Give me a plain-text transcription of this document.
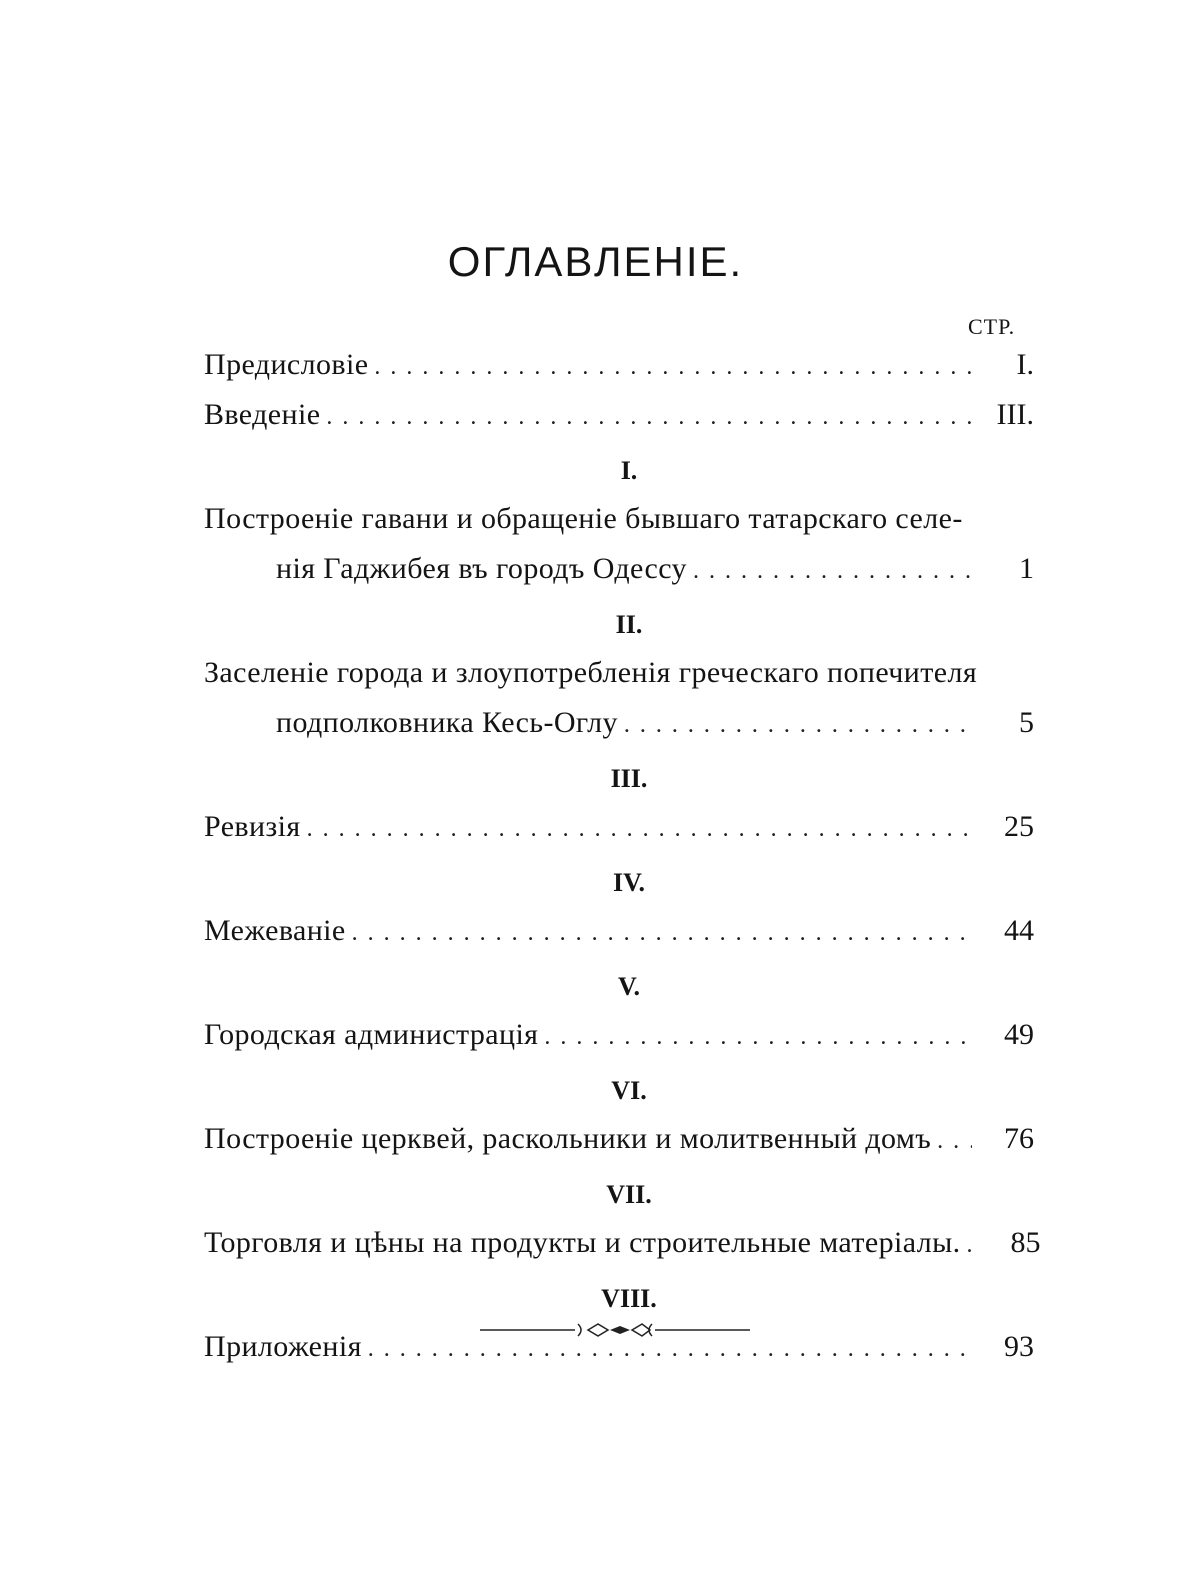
ОГЛАВЛЕНIЕ.
СТР.
Предисловiе . . .	I.
Введенiе . . .	III.
I.
Построенiе гавани и обращенiе бывшаго татарскаго селе-
нiя Гаджибея въ городъ Одессу . . .	1
II.
Заселенiе города и злоупотребленiя греческаго попечителя
подполковника Кесь-Оглу . . .	5
III.
Ревизiя . . .	25
IV.
Межеванiе . . .	44
V.
Городская администрацiя . . .	49
VI.
Построенiе церквей, раскольники и молитвенный домъ . . .	76
VII.
Торговля и цѣны на продукты и строительные матерiалы. . . .	85
VIII.
Приложенiя . . .	93
